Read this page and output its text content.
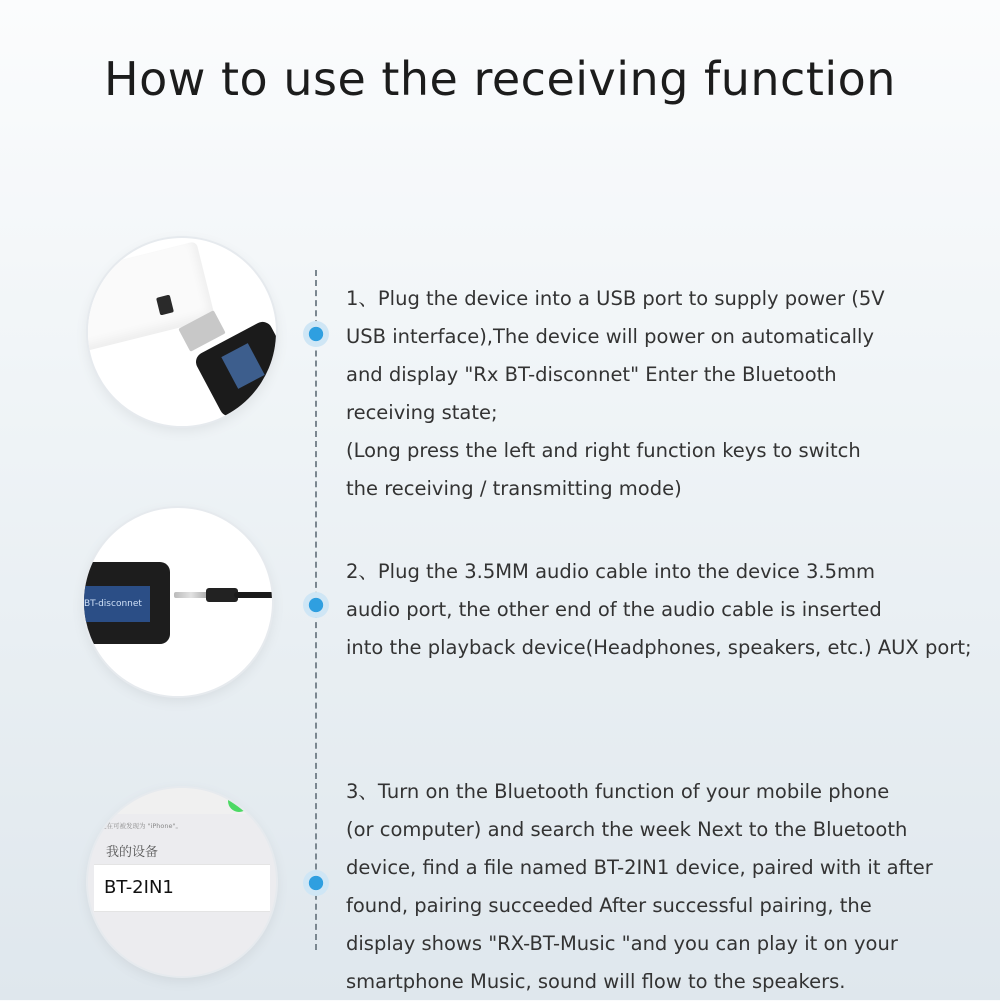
How to use the receiving function
BT-disconnet
现在可被发现为 "iPhone"。
我的设备
BT-2IN1

1、Plug the device into a USB port to supply power (5V

USB interface),The device will power on automatically

and display "Rx BT-disconnet" Enter the Bluetooth

receiving state;

(Long press the left and right function keys to switch

the receiving / transmitting mode)

2、Plug the 3.5MM audio cable into the device 3.5mm

audio port, the other end of the audio cable is inserted

into the playback device(Headphones, speakers, etc.) AUX port;

3、Turn on the Bluetooth function of your mobile phone

(or computer) and search the week Next to the Bluetooth

device, find a file named BT-2IN1 device, paired with it after

found, pairing succeeded After successful pairing, the

display shows "RX-BT-Music "and you can play it on your

smartphone Music, sound will flow to the speakers.
